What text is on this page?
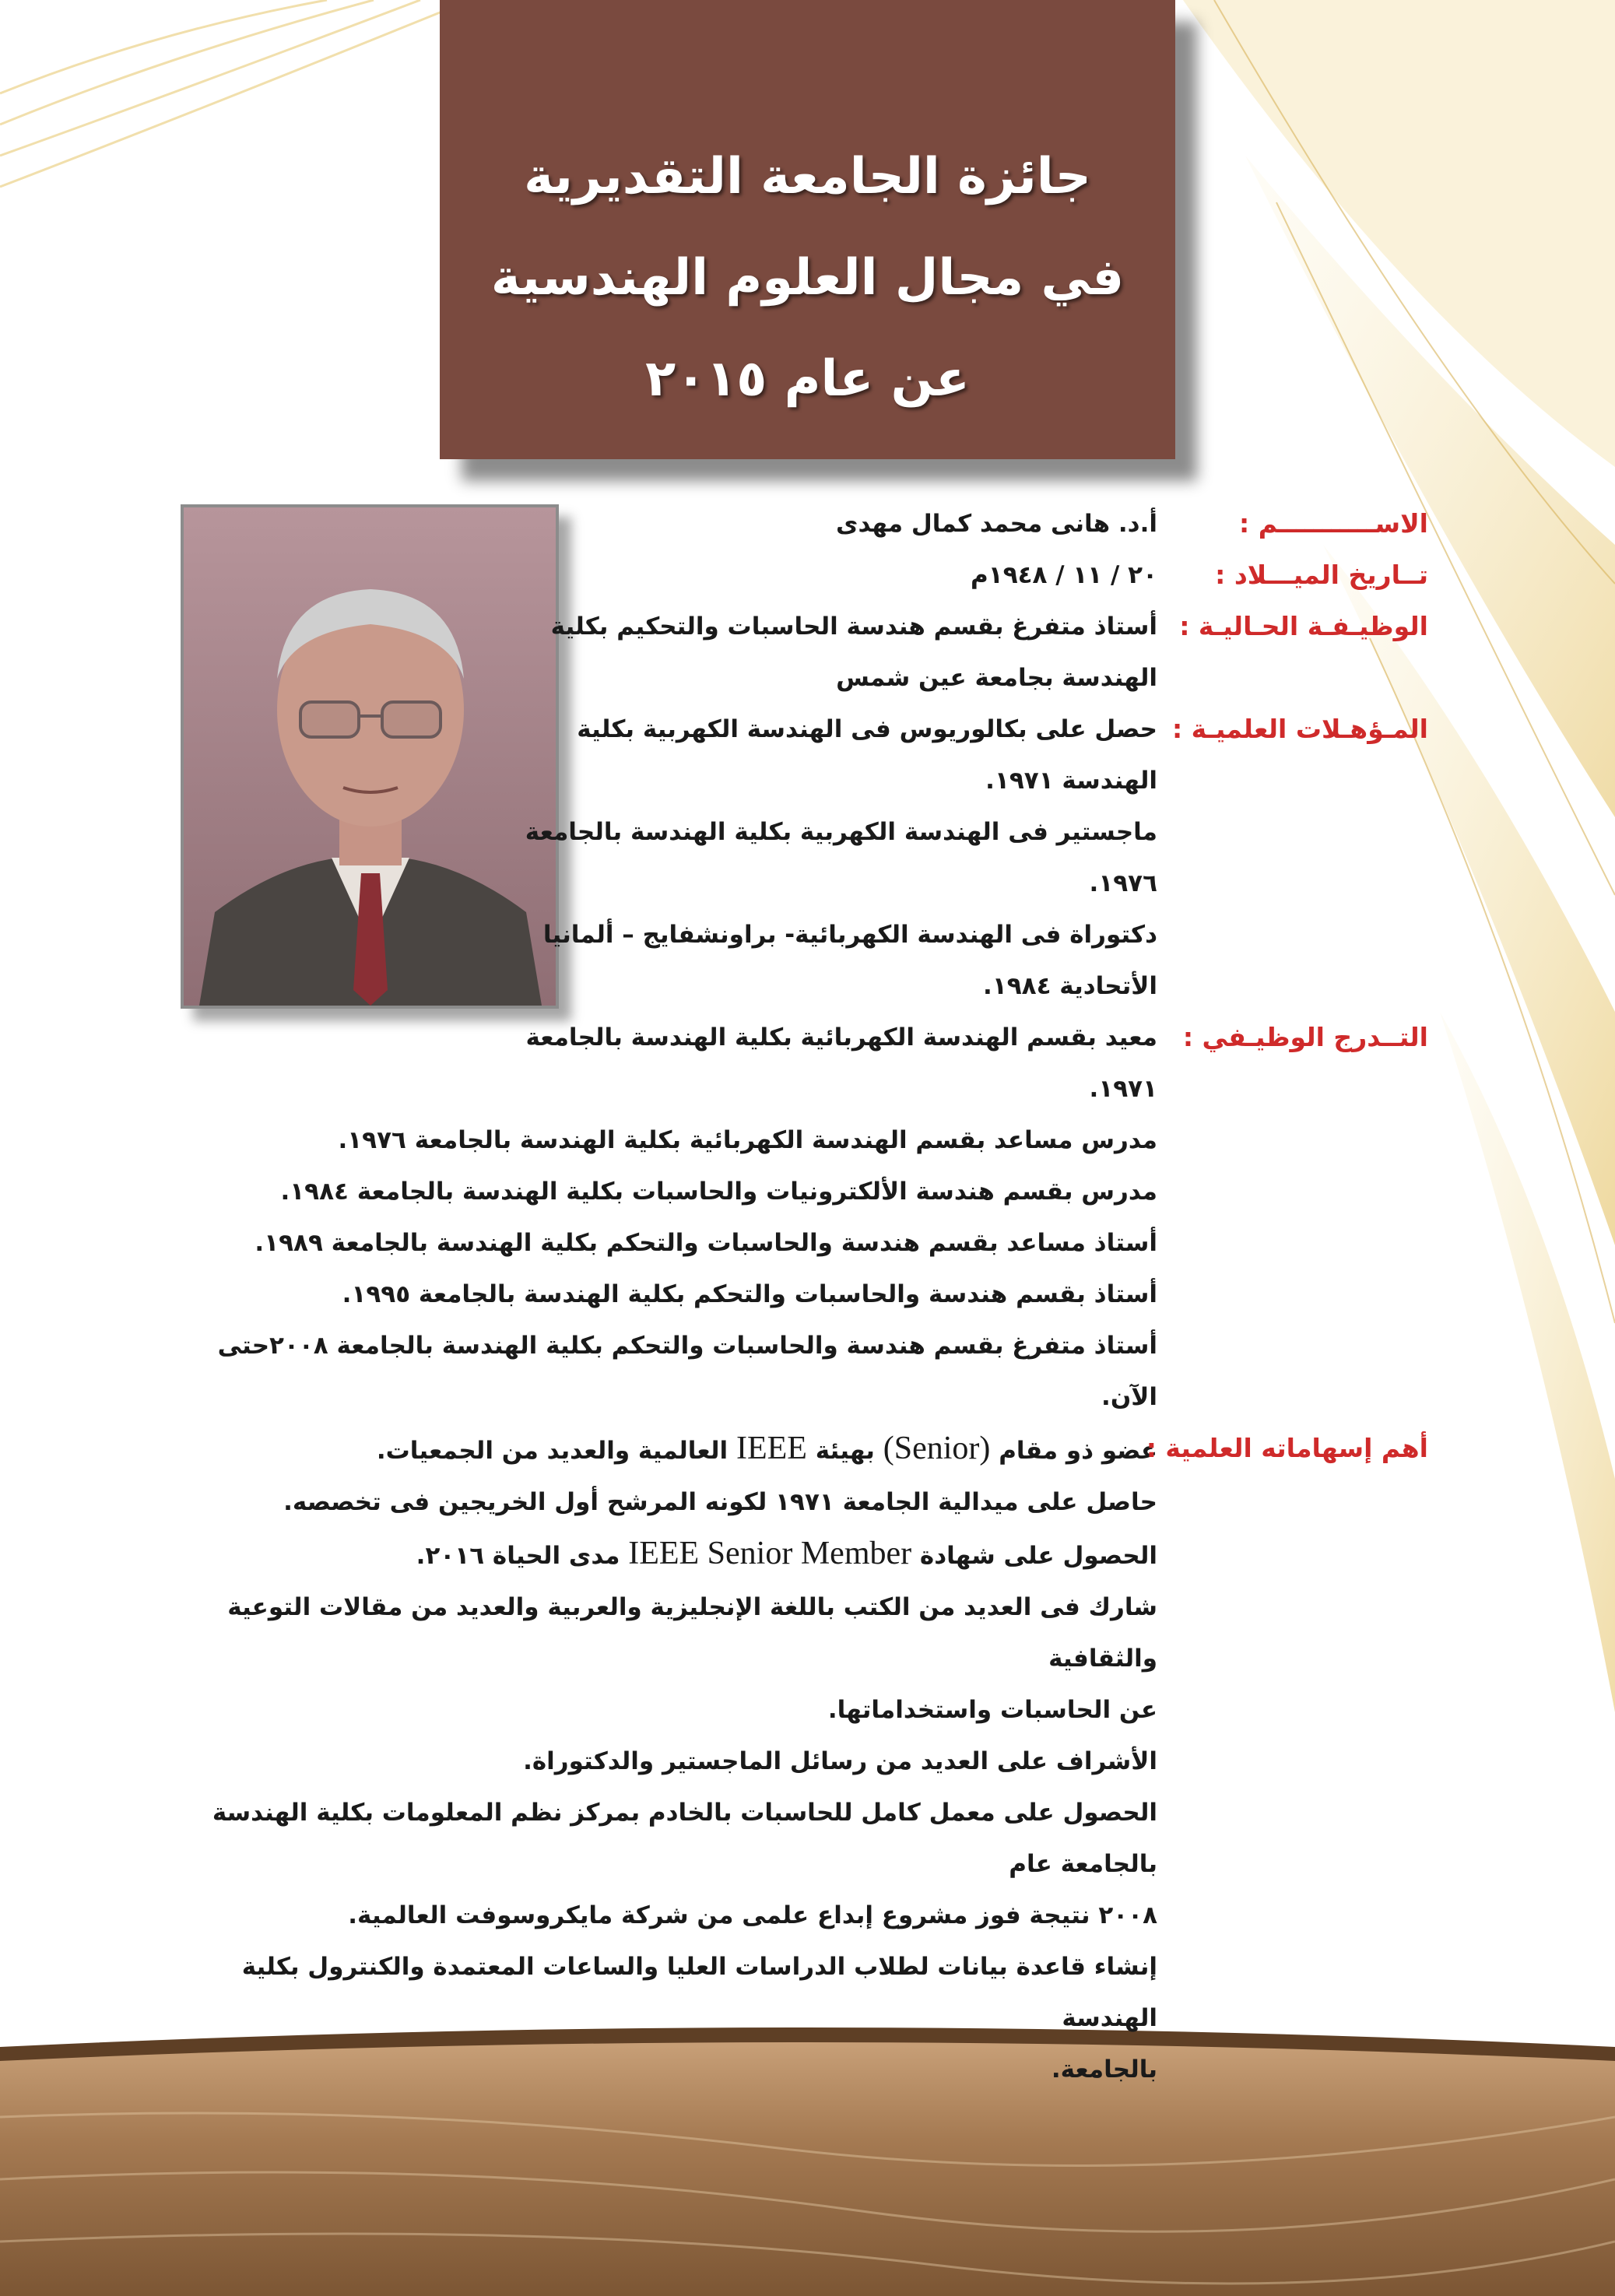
جائزة الجامعة التقديرية
في مجال العلوم الهندسية
عن عام ٢٠١٥
الاســـــــــــم :

أ.د. هانى محمد كمال مهدى

تــاريخ الميـــلاد :

٢٠ / ١١ / ١٩٤٨م

الوظيـفـة الحـاليـة :

أستاذ متفرغ بقسم هندسة الحاسبات والتحكيم بكلية

الهندسة بجامعة عين شمس

المـؤهـلات العلميـة :

حصل على بكالوريوس فى الهندسة الكهربية بكلية

الهندسة ١٩٧١.

ماجستير فى الهندسة الكهربية بكلية الهندسة بالجامعة

١٩٧٦.

دكتوراة فى الهندسة الكهربائية- براونشفايج – ألمانيا

الأتحادية ١٩٨٤.

التــدرج الوظيـفي :

معيد بقسم الهندسة الكهربائية بكلية الهندسة بالجامعة

١٩٧١.

مدرس مساعد بقسم الهندسة الكهربائية بكلية الهندسة بالجامعة ١٩٧٦.

مدرس بقسم هندسة الألكترونيات والحاسبات بكلية الهندسة بالجامعة ١٩٨٤.

أستاذ مساعد بقسم هندسة والحاسبات والتحكم بكلية الهندسة بالجامعة ١٩٨٩.

أستاذ بقسم هندسة والحاسبات والتحكم بكلية الهندسة بالجامعة ١٩٩٥.

أستاذ متفرغ بقسم هندسة والحاسبات والتحكم بكلية الهندسة بالجامعة ٢٠٠٨حتى الآن.

أهم إسهاماته العلمية :

عضو ذو مقام (Senior) بهيئة IEEE العالمية والعديد من الجمعيات.

حاصل على ميدالية الجامعة ١٩٧١ لكونه المرشح أول الخريجين فى تخصصه.

الحصول على شهادة IEEE Senior Member مدى الحياة ٢٠١٦.

شارك فى العديد من الكتب باللغة الإنجليزية والعربية والعديد من مقالات التوعية والثقافية

عن الحاسبات واستخداماتها.

الأشراف على العديد من رسائل الماجستير والدكتوراة.

الحصول على معمل كامل للحاسبات بالخادم بمركز نظم المعلومات بكلية الهندسة بالجامعة عام

٢٠٠٨ نتيجة فوز مشروع إبداع علمى من شركة مايكروسوفت العالمية.

إنشاء قاعدة بيانات لطلاب الدراسات العليا والساعات المعتمدة والكنترول بكلية الهندسة

بالجامعة.
